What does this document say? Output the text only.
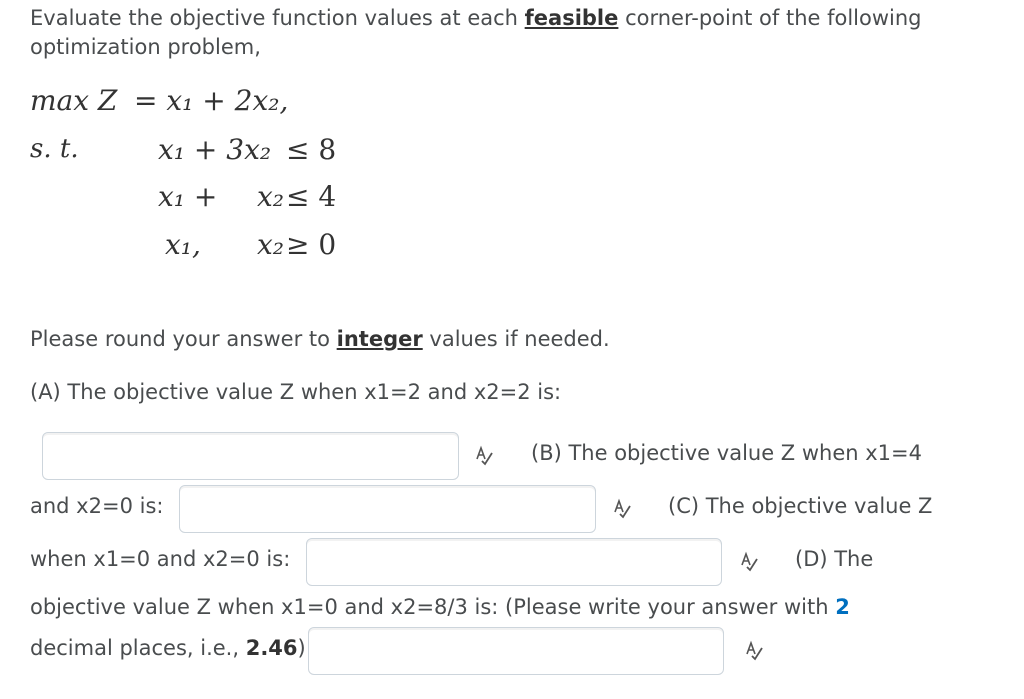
Evaluate the objective function values at each feasible corner-point of the following
optimization problem,
max Z = x₁ + 2x₂,
s. t.	x₁ + 3x₂ ≤ 8
x₁ + x₂ ≤ 4
x₁, x₂ ≥ 0
Please round your answer to integer values if needed.
(A) The objective value Z when x1=2 and x2=2 is:
(B) The objective value Z when x1=4
and x2=0 is:	(C) The objective value Z
when x1=0 and x2=0 is:	(D) The
objective value Z when x1=0 and x2=8/3 is: (Please write your answer with 2
decimal places, i.e., 2.46)
